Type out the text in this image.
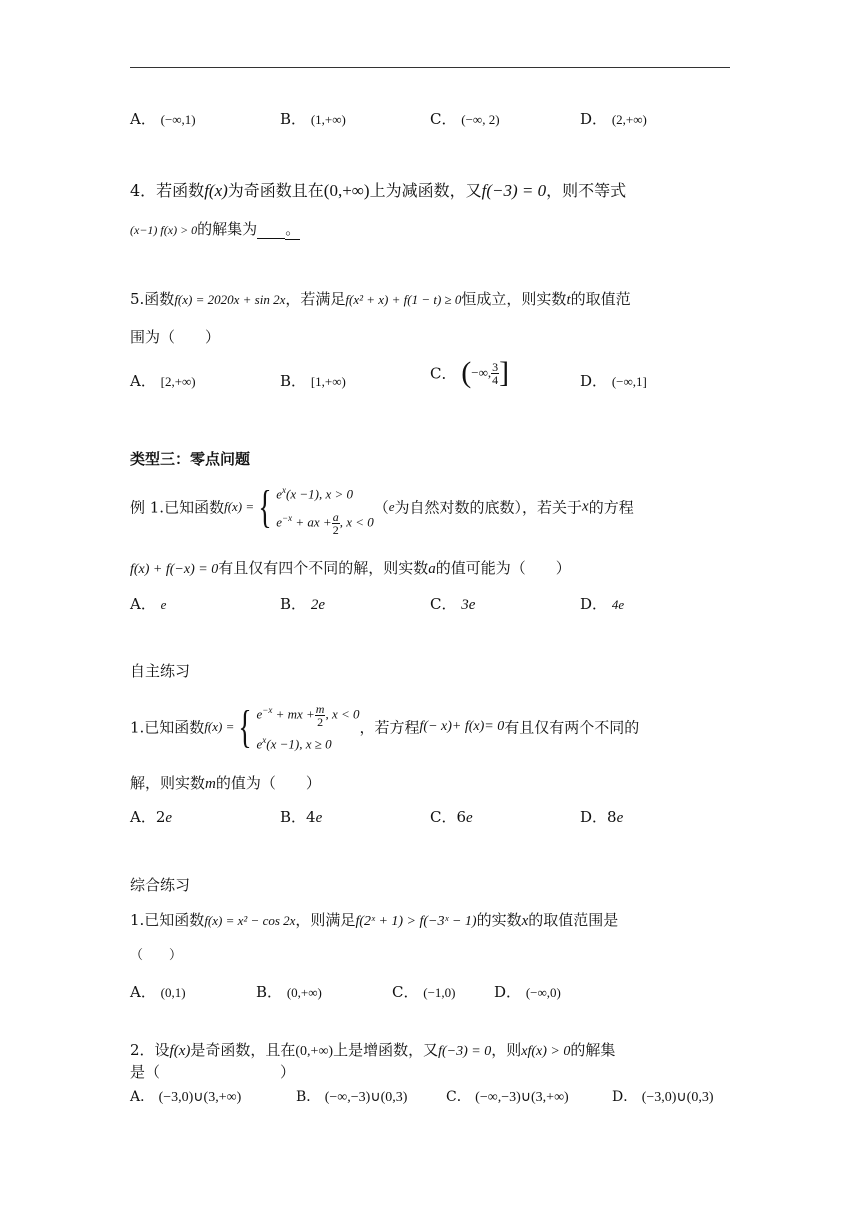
A． (−∞,1)	B． (1,+∞)	C． (−∞, 2)	D． (2,+∞)
4．若函数f(x)为奇函数且在(0,+∞)上为减函数，又f(−3) = 0，则不等式
(x−1) f(x) > 0的解集为 。
5.函数f(x) = 2020x + sin 2x，若满足f(x² + x) + f(1 − t) ≥ 0恒成立，则实数t的取值范
围为（　　）
A． [2,+∞)	B． [1,+∞)	C． (−∞, $\frac{3}{4}$ ]	D． (−∞,1]
类型三：零点问题
例 1.已知函数f(x) ={ $e^x(x -1)$, x > 0
$e^{-x}$ + ax + $\frac{a}{2}$ , x < 0
（e为自然对数的底数），若关于x的方程
f(x) + f(−x) = 0有且仅有四个不同的解，则实数a的值可能为（　　）
A． e	B． 2e	C． 3e	D． 4e
自主练习
1.已知函数f(x) ={ $e^{-x}$ + mx + $\frac{m}{2}$ , x < 0
$e^x(x -1)$, x ≥ 0
，若方程f(− x)+ f(x)= 0有且仅有两个不同的
解，则实数m的值为（　　）
A．2e	B．4e	C．6e	D．8e
综合练习
1.已知函数f(x) = x² − cos 2x，则满足f(2ˣ + 1) > f(−3ˣ − 1)的实数x的取值范围是
（　　）
A． (0,1)	B． (0,+∞)	C． (−1,0)	D． (−∞,0)
2．设f(x)是奇函数，且在(0,+∞)上是增函数，又f(−3) = 0，则xf(x) > 0的解集
是（　　　　　　　　）
A． (−3,0)∪(3,+∞)	B． (−∞,−3)∪(0,3)	C． (−∞,−3)∪(3,+∞)	D． (−3,0)∪(0,3)
